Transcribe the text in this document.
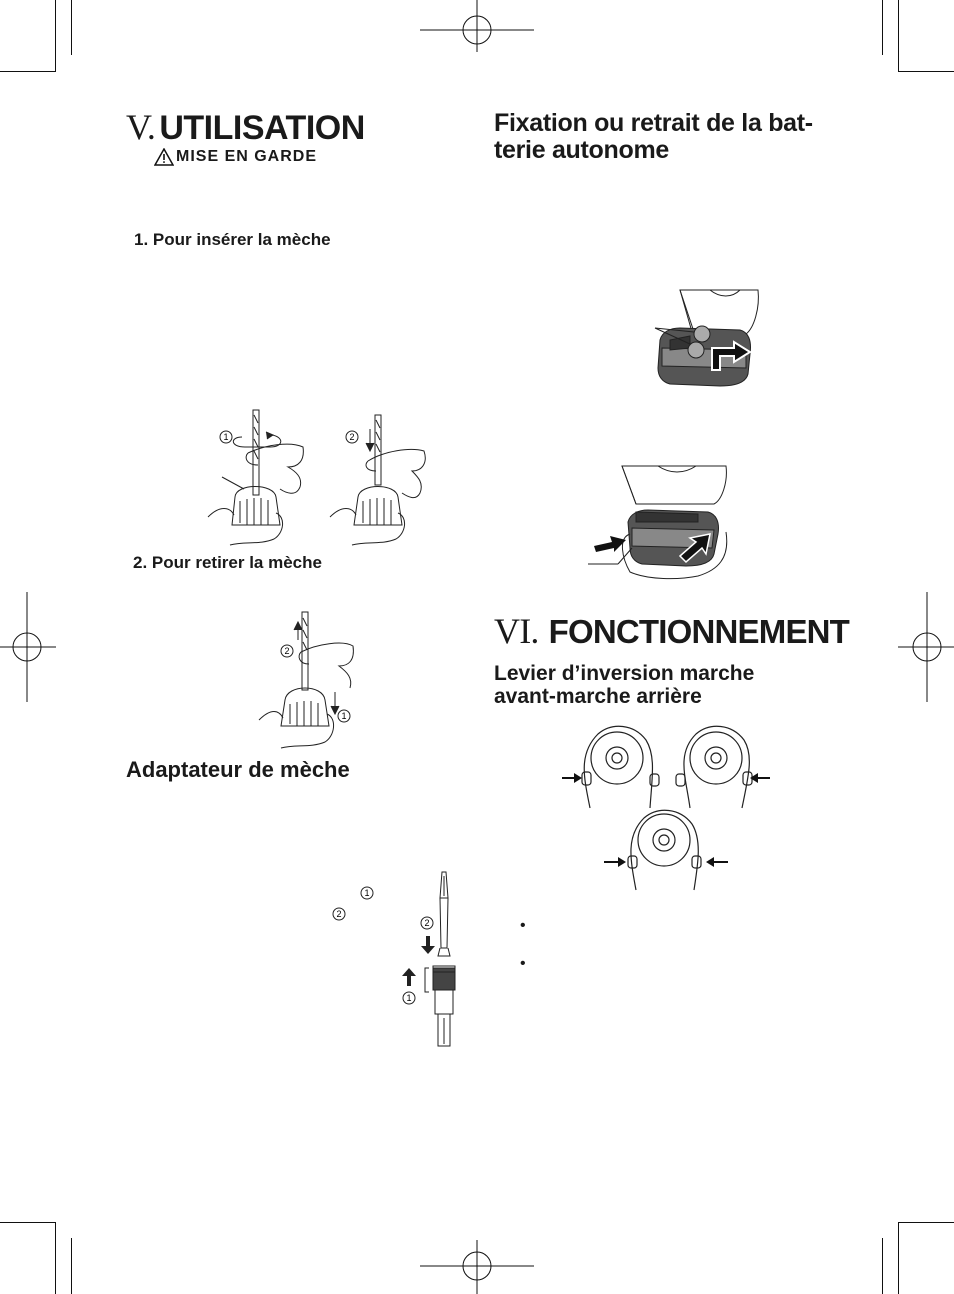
V. UTILISATION
MISE EN GARDE
1. Pour insérer la mèche
1	2
2. Pour retirer la mèche
2
1
Adaptateur de mèche
1
2
2
1
Fixation ou retrait de la bat-
terie autonome
VI. FONCTIONNEMENT
Levier d’inversion marche
avant-marche arrière
•
•
